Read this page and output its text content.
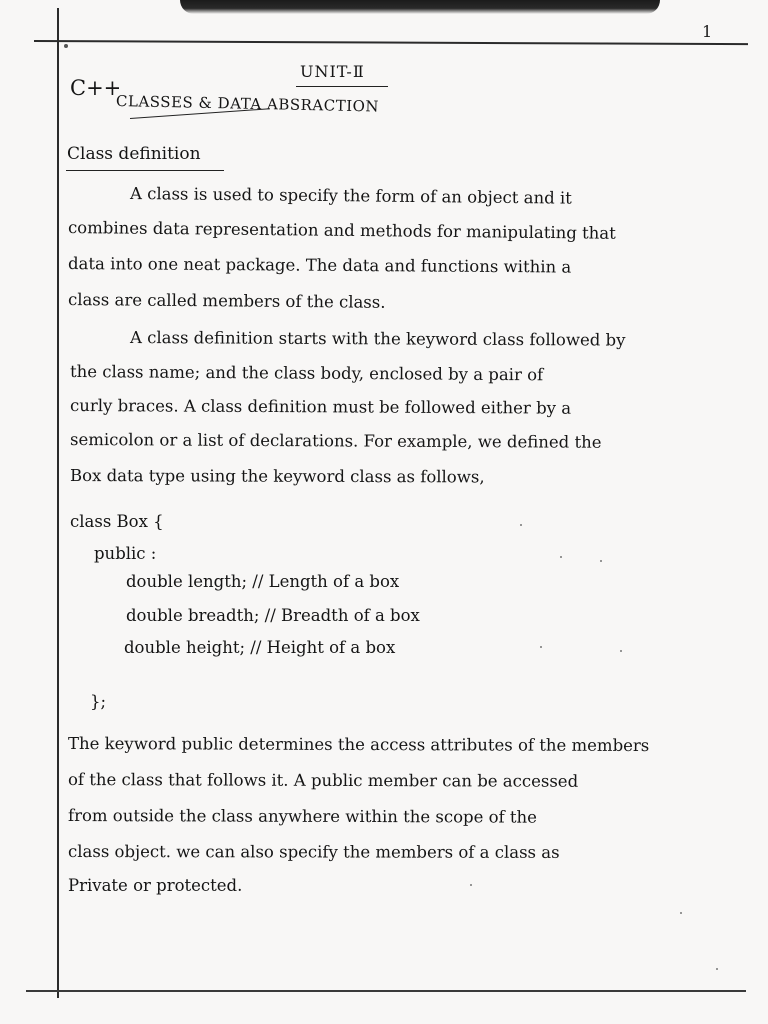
1
UNIT-Ⅱ
C++
CLASSES & DATA ABSRACTION
Class definition
A class is used to specify the form of an object and it
combines data representation and methods for manipulating that
data into one neat package. The data and functions within a
class are called members of the class.
A class definition starts with the keyword class followed by
the class name; and the class body, enclosed by a pair of
curly braces. A class definition must be followed either by a
semicolon or a list of declarations. For example, we defined the
Box data type using the keyword class as follows,
class Box {
public :
double length; // Length of a box
double breadth; // Breadth of a box
double height; // Height of a box
};
The keyword public determines the access attributes of the members
of the class that follows it. A public member can be accessed
from outside the class anywhere within the scope of the
class object. we can also specify the members of a class as
Private or protected.
